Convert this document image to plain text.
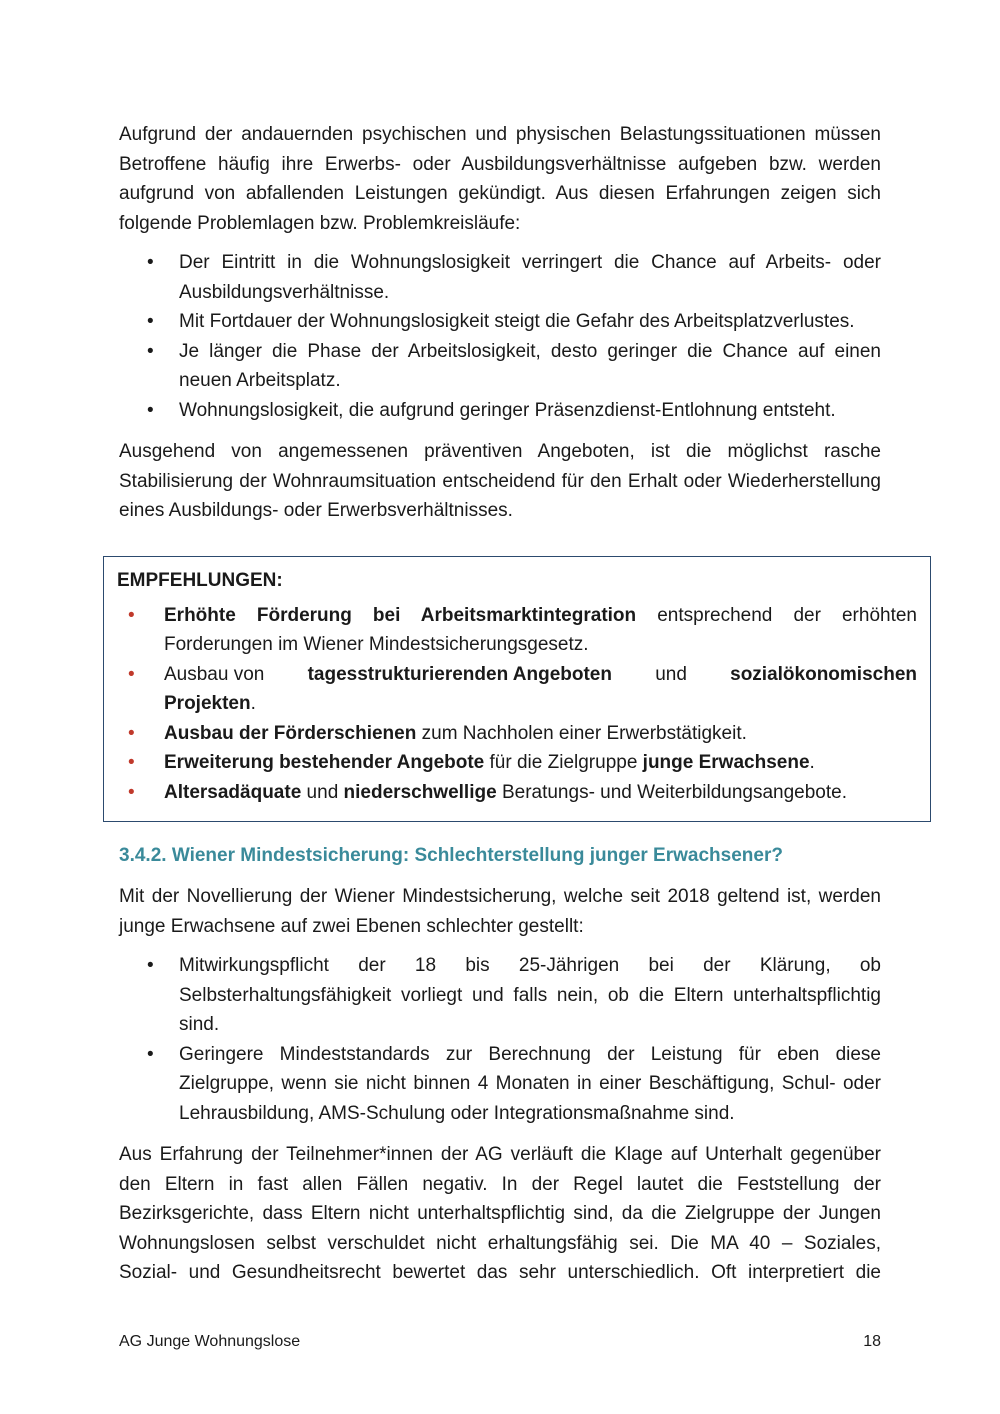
Aufgrund der andauernden psychischen und physischen Belastungssituationen müssen Betroffene häufig ihre Erwerbs- oder Ausbildungsverhältnisse aufgeben bzw. werden aufgrund von abfallenden Leistungen gekündigt. Aus diesen Erfahrungen zeigen sich folgende Problemlagen bzw. Problemkreisläufe:

• Der Eintritt in die Wohnungslosigkeit verringert die Chance auf Arbeits- oder Ausbildungsverhältnisse.
• Mit Fortdauer der Wohnungslosigkeit steigt die Gefahr des Arbeitsplatzverlustes.
• Je länger die Phase der Arbeitslosigkeit, desto geringer die Chance auf einen neuen Arbeitsplatz.
• Wohnungslosigkeit, die aufgrund geringer Präsenzdienst-Entlohnung entsteht.

Ausgehend von angemessenen präventiven Angeboten, ist die möglichst rasche Stabilisierung der Wohnraumsituation entscheidend für den Erhalt oder Wiederherstellung eines Ausbildungs- oder Erwerbsverhältnisses.

EMPFEHLUNGEN:
• Erhöhte Förderung bei Arbeitsmarktintegration entsprechend der erhöhten Forderungen im Wiener Mindestsicherungsgesetz.
• Ausbau von tagesstrukturierenden Angeboten und sozialökonomischen
Projekten.
• Ausbau der Förderschienen zum Nachholen einer Erwerbstätigkeit.
• Erweiterung bestehender Angebote für die Zielgruppe junge Erwachsene.
• Altersadäquate und niederschwellige Beratungs- und Weiterbildungsangebote.
3.4.2. Wiener Mindestsicherung: Schlechterstellung junger Erwachsener?

Mit der Novellierung der Wiener Mindestsicherung, welche seit 2018 geltend ist, werden junge Erwachsene auf zwei Ebenen schlechter gestellt:

• Mitwirkungspflicht der 18 bis 25-Jährigen bei der Klärung, ob Selbsterhaltungsfähigkeit vorliegt und falls nein, ob die Eltern unterhaltspflichtig sind.
• Geringere Mindeststandards zur Berechnung der Leistung für eben diese Zielgruppe, wenn sie nicht binnen 4 Monaten in einer Beschäftigung, Schul- oder Lehrausbildung, AMS-Schulung oder Integrationsmaßnahme sind.

Aus Erfahrung der Teilnehmer*innen der AG verläuft die Klage auf Unterhalt gegenüber den Eltern in fast allen Fällen negativ. In der Regel lautet die Feststellung der Bezirksgerichte, dass Eltern nicht unterhaltspflichtig sind, da die Zielgruppe der Jungen Wohnungslosen selbst verschuldet nicht erhaltungsfähig sei. Die MA 40 – Soziales, Sozial- und Gesundheitsrecht bewertet das sehr unterschiedlich. Oft interpretiert die

AG Junge Wohnungslose	18
